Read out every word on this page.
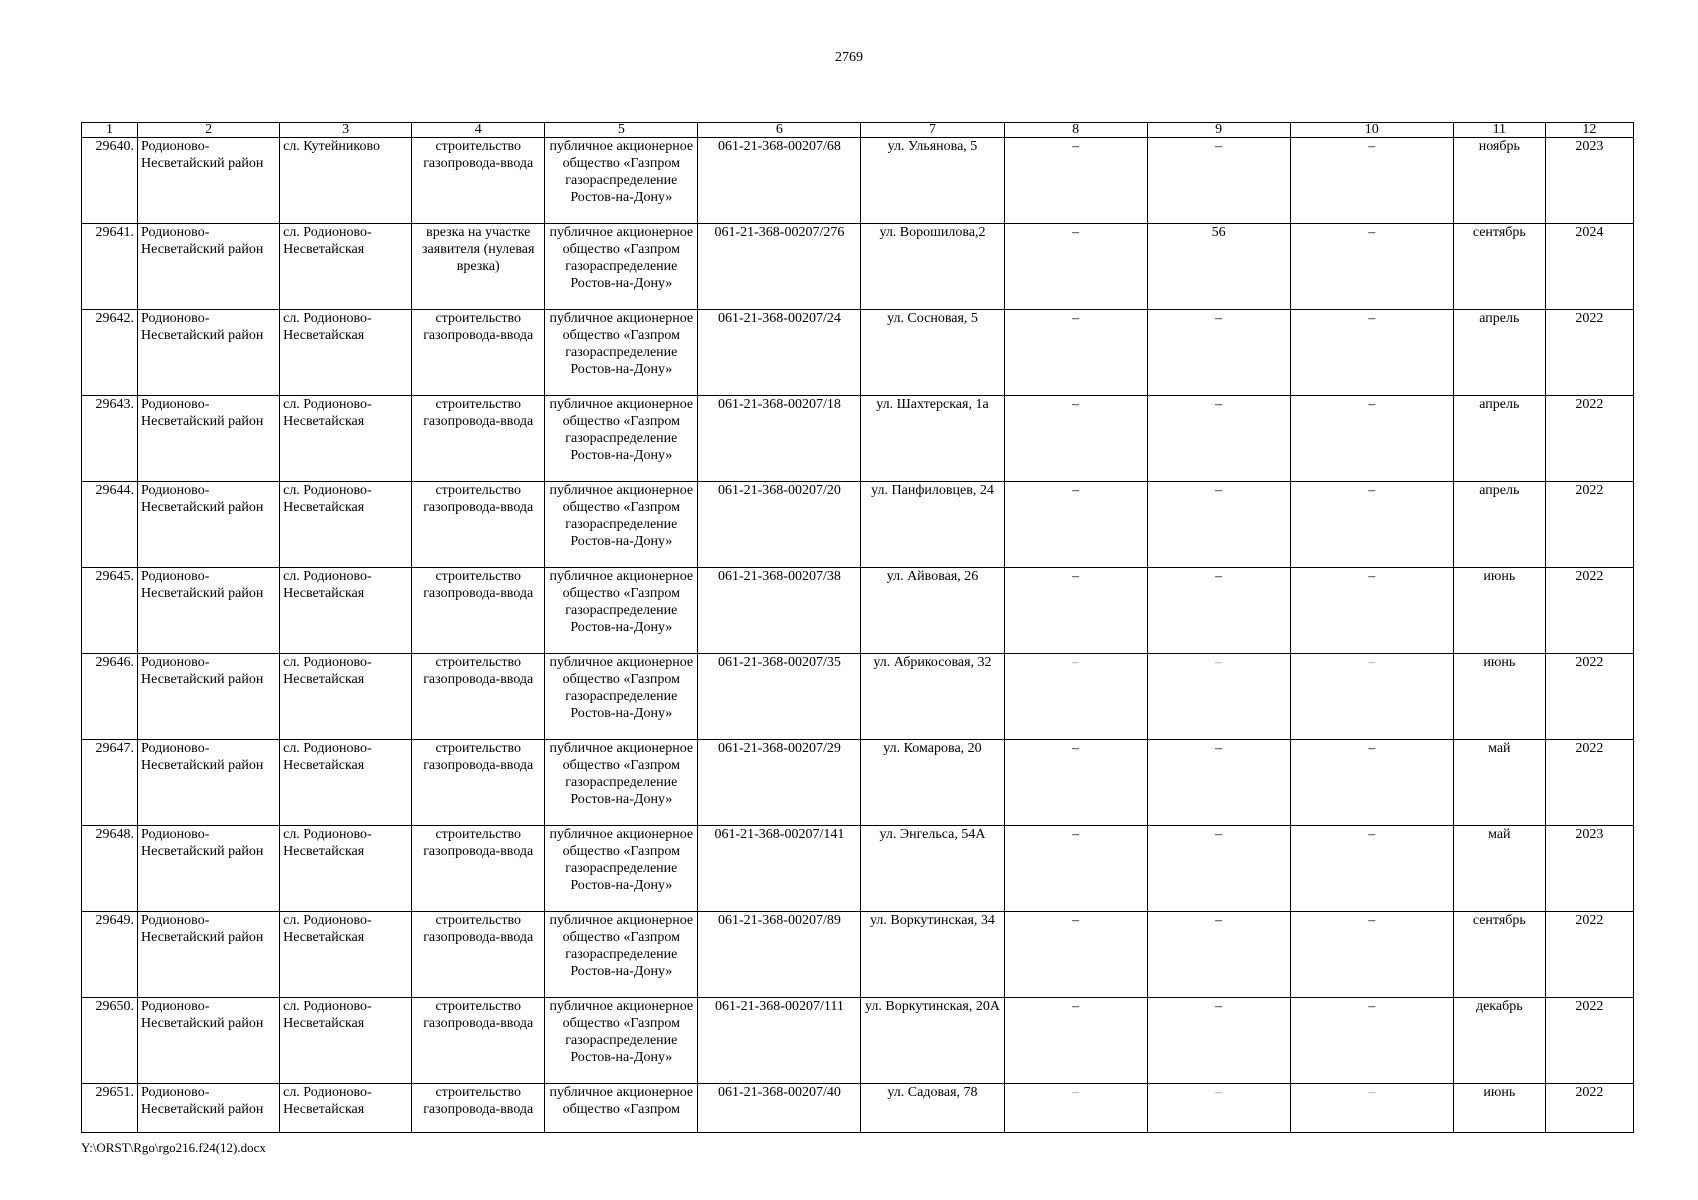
2769
1	2	3	4	5	6	7	8	9	10	11	12
29640.	Родионово-Несветайский район	сл. Кутейниково	строительство газопровода-ввода	публичное акционерное общество «Газпром газораспределение Ростов-на-Дону»	061-21-368-00207/68	ул. Ульянова, 5	–	–	–	ноябрь	2023
29641.	Родионово-Несветайский район	сл. Родионово-Несветайская	врезка на участке заявителя (нулевая врезка)	публичное акционерное общество «Газпром газораспределение Ростов-на-Дону»	061-21-368-00207/276	ул. Ворошилова,2	–	56	–	сентябрь	2024
29642.	Родионово-Несветайский район	сл. Родионово-Несветайская	строительство газопровода-ввода	публичное акционерное общество «Газпром газораспределение Ростов-на-Дону»	061-21-368-00207/24	ул. Сосновая, 5	–	–	–	апрель	2022
29643.	Родионово-Несветайский район	сл. Родионово-Несветайская	строительство газопровода-ввода	публичное акционерное общество «Газпром газораспределение Ростов-на-Дону»	061-21-368-00207/18	ул. Шахтерская, 1а	–	–	–	апрель	2022
29644.	Родионово-Несветайский район	сл. Родионово-Несветайская	строительство газопровода-ввода	публичное акционерное общество «Газпром газораспределение Ростов-на-Дону»	061-21-368-00207/20	ул. Панфиловцев, 24	–	–	–	апрель	2022
29645.	Родионово-Несветайский район	сл. Родионово-Несветайская	строительство газопровода-ввода	публичное акционерное общество «Газпром газораспределение Ростов-на-Дону»	061-21-368-00207/38	ул. Айвовая, 26	–	–	–	июнь	2022
29646.	Родионово-Несветайский район	сл. Родионово-Несветайская	строительство газопровода-ввода	публичное акционерное общество «Газпром газораспределение Ростов-на-Дону»	061-21-368-00207/35	ул. Абрикосовая, 32	–	–	–	июнь	2022
29647.	Родионово-Несветайский район	сл. Родионово-Несветайская	строительство газопровода-ввода	публичное акционерное общество «Газпром газораспределение Ростов-на-Дону»	061-21-368-00207/29	ул. Комарова, 20	–	–	–	май	2022
29648.	Родионово-Несветайский район	сл. Родионово-Несветайская	строительство газопровода-ввода	публичное акционерное общество «Газпром газораспределение Ростов-на-Дону»	061-21-368-00207/141	ул. Энгельса, 54А	–	–	–	май	2023
29649.	Родионово-Несветайский район	сл. Родионово-Несветайская	строительство газопровода-ввода	публичное акционерное общество «Газпром газораспределение Ростов-на-Дону»	061-21-368-00207/89	ул. Воркутинская, 34	–	–	–	сентябрь	2022
29650.	Родионово-Несветайский район	сл. Родионово-Несветайская	строительство газопровода-ввода	публичное акционерное общество «Газпром газораспределение Ростов-на-Дону»	061-21-368-00207/111	ул. Воркутинская, 20А	–	–	–	декабрь	2022
29651.	Родионово-Несветайский район	сл. Родионово-Несветайская	строительство газопровода-ввода	публичное акционерное общество «Газпром	061-21-368-00207/40	ул. Садовая, 78	–	–	–	июнь	2022
Y:\ORST\Rgo\rgo216.f24(12).docx
